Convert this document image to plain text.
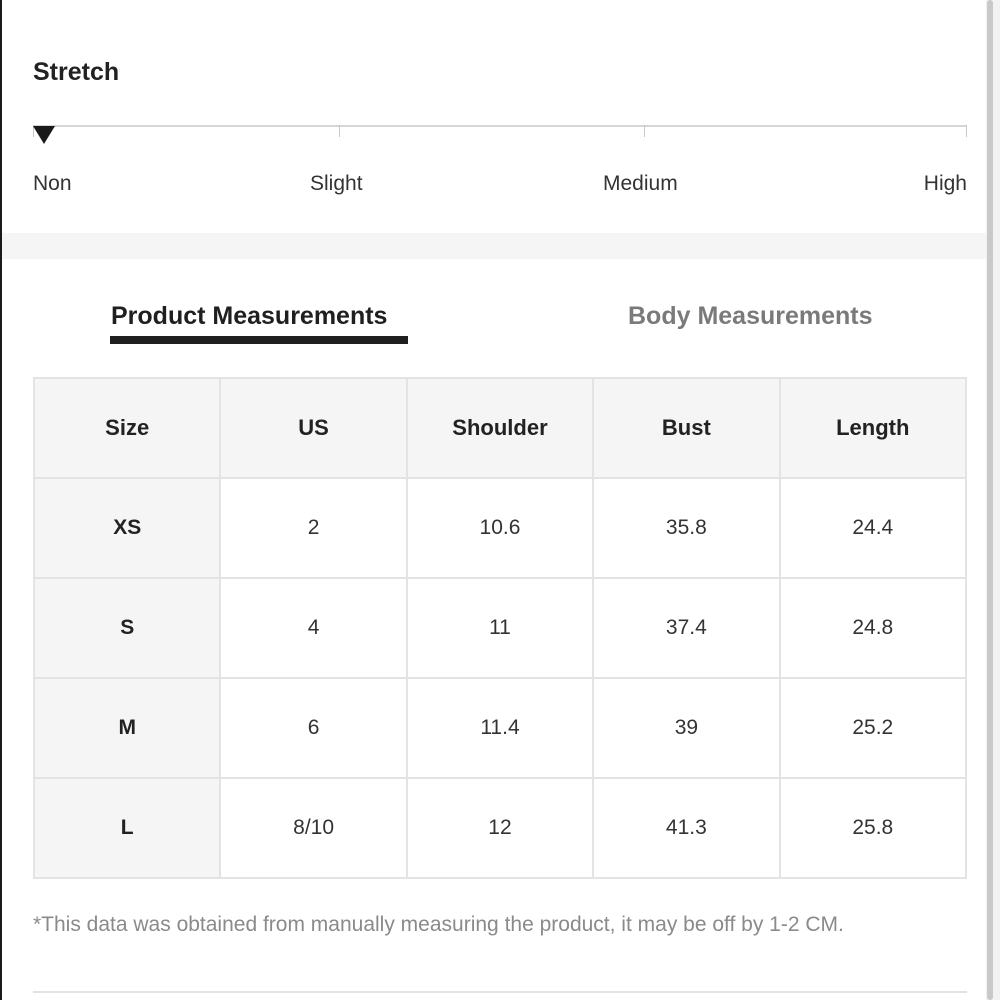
Stretch
Non	Slight	Medium	High
Product Measurements	Body Measurements
Size	US	Shoulder	Bust	Length
XS	2	10.6	35.8	24.4
S	4	11	37.4	24.8
M	6	11.4	39	25.2
L	8/10	12	41.3	25.8
*This data was obtained from manually measuring the product, it may be off by 1-2 CM.
